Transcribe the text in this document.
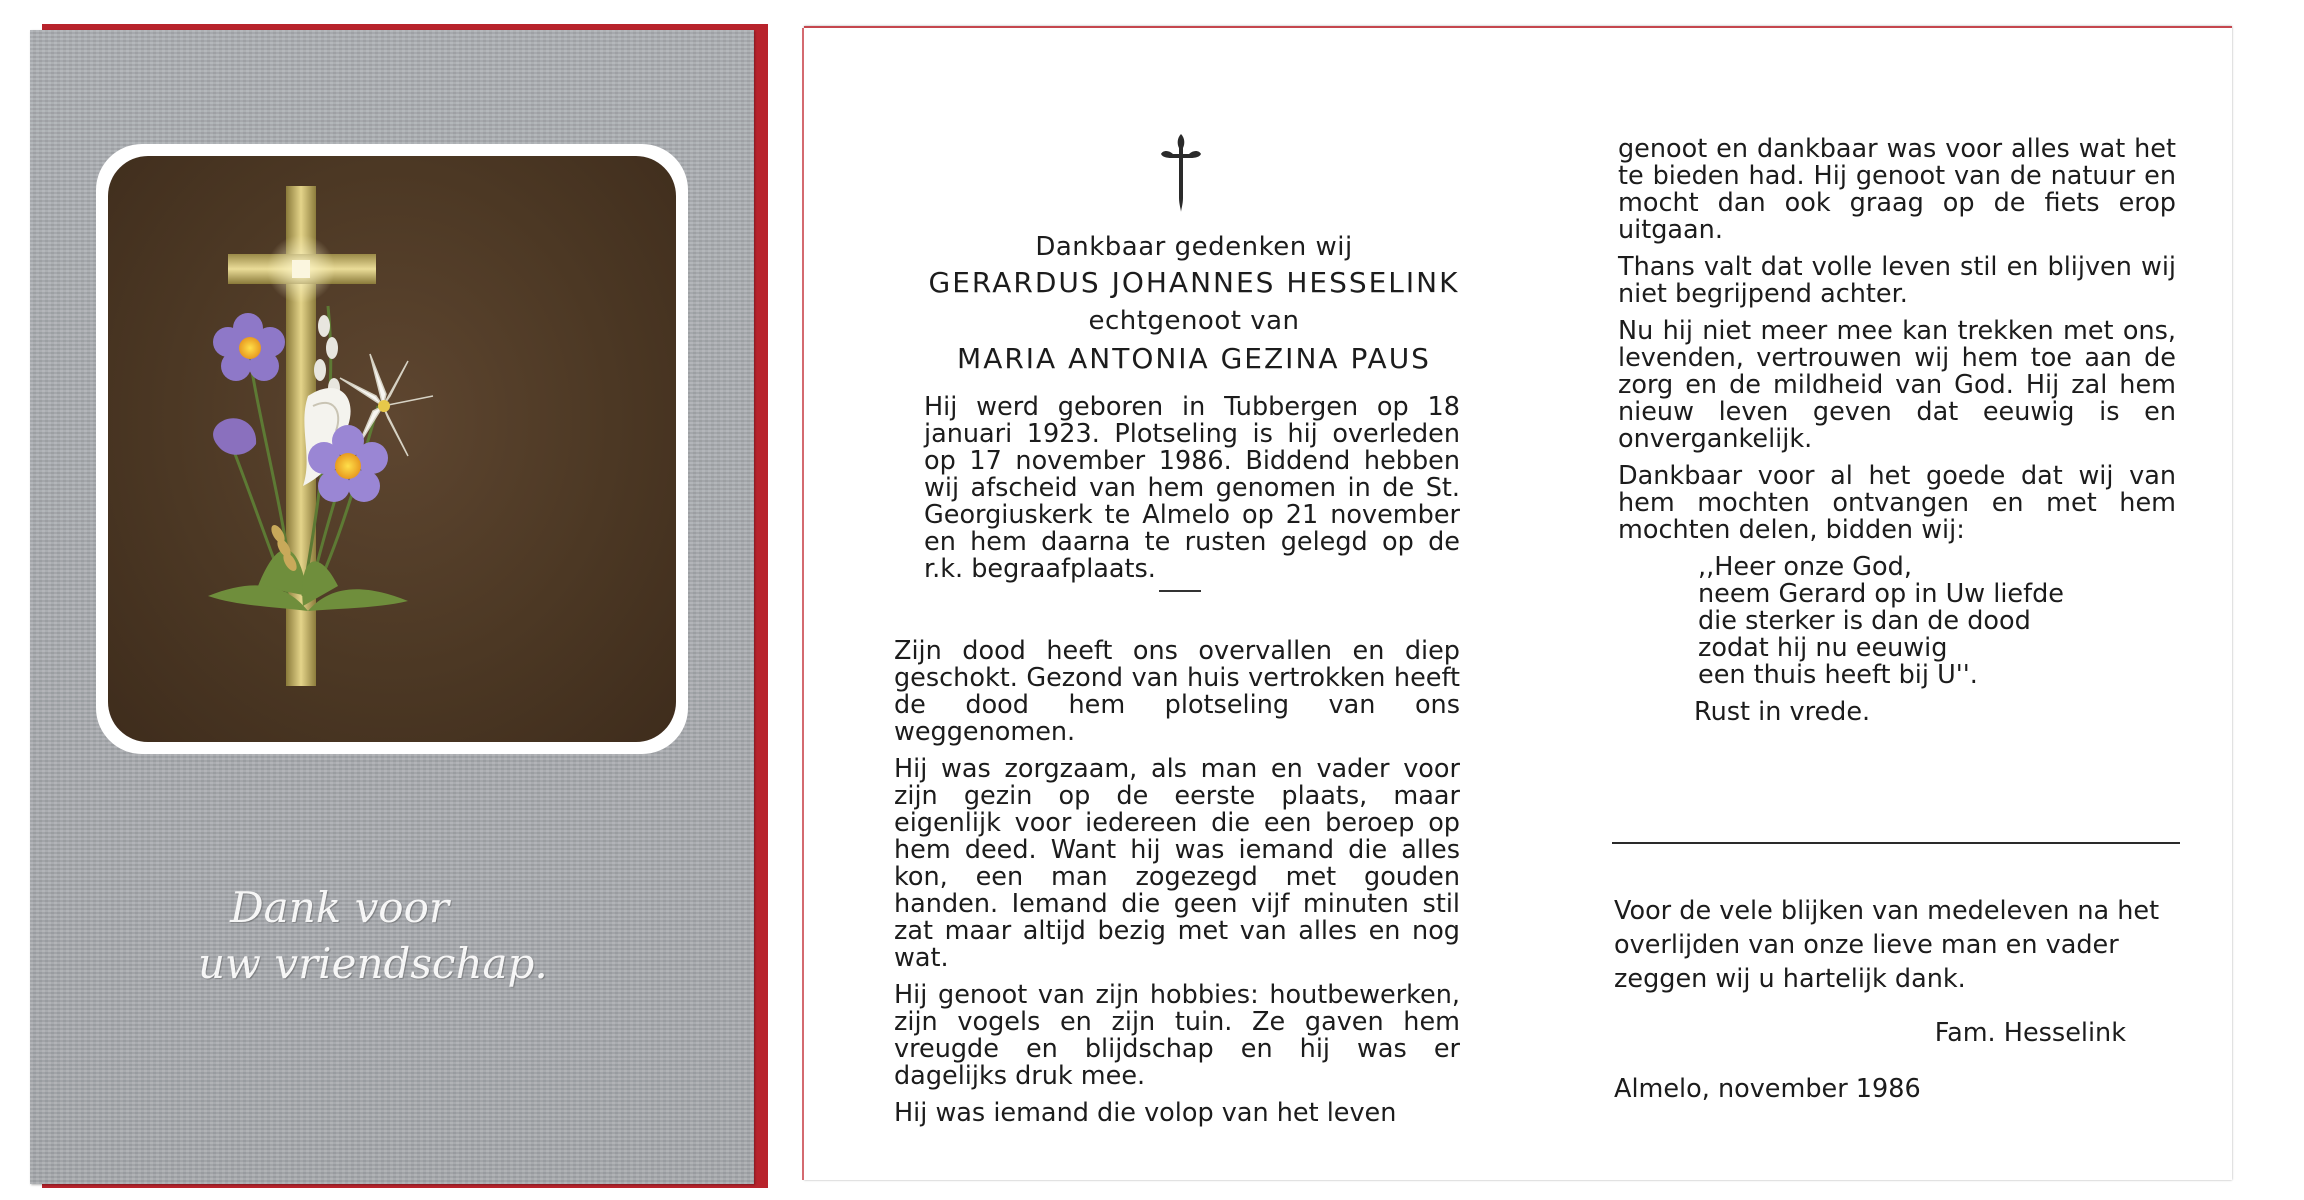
Dank voor
uw vriendschap.
Dankbaar gedenken wij
GERARDUS JOHANNES HESSELINK
echtgenoot van
MARIA ANTONIA GEZINA PAUS

Hij werd geboren in Tubbergen op 18 januari 1923. Plotseling is hij overleden op 17 november 1986. Biddend hebben wij afscheid van hem genomen in de St. Georgiuskerk te Almelo op 21 november en hem daarna te rusten gelegd op de r.k. begraafplaats.

Zijn dood heeft ons overvallen en diep geschokt. Gezond van huis vertrokken heeft de dood hem plotseling van ons weggenomen.

Hij was zorgzaam, als man en vader voor zijn gezin op de eerste plaats, maar eigenlijk voor iedereen die een beroep op hem deed. Want hij was iemand die alles kon, een man zogezegd met gouden handen. Iemand die geen vijf minuten stil zat maar altijd bezig met van alles en nog wat.

Hij genoot van zijn hobbies: houtbewerken, zijn vogels en zijn tuin. Ze gaven hem vreugde en blijdschap en hij was er dagelijks druk mee.

Hij was iemand die volop van het leven

genoot en dankbaar was voor alles wat het te bieden had. Hij genoot van de natuur en mocht dan ook graag op de fiets erop uitgaan.

Thans valt dat volle leven stil en blijven wij niet begrijpend achter.

Nu hij niet meer mee kan trekken met ons, levenden, vertrouwen wij hem toe aan de zorg en de mildheid van God. Hij zal hem nieuw leven geven dat eeuwig is en onvergankelijk.

Dankbaar voor al het goede dat wij van hem mochten ontvangen en met hem mochten delen, bidden wij:

,,Heer onze God,
neem Gerard op in Uw liefde
die sterker is dan de dood
zodat hij nu eeuwig
een thuis heeft bij U''.

Rust in vrede.

Voor de vele blijken van medeleven na het overlijden van onze lieve man en vader zeggen wij u hartelijk dank.

Fam. Hesselink
Almelo, november 1986
